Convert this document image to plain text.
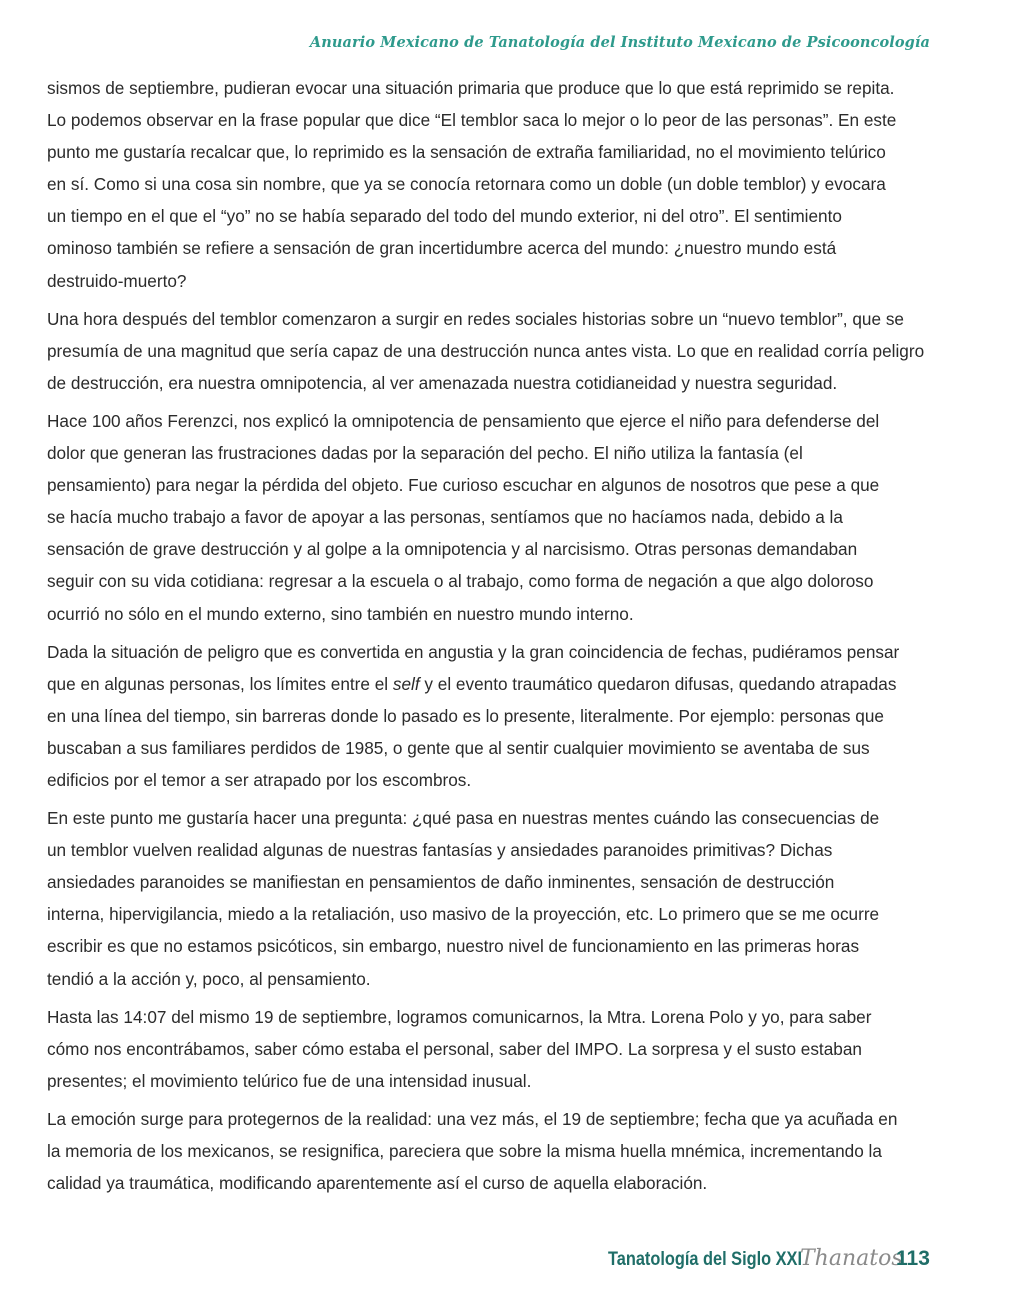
Anuario Mexicano de Tanatología del Instituto Mexicano de Psicooncología

sismos de septiembre, pudieran evocar una situación primaria que produce que lo que está reprimido se repita.
Lo podemos observar en la frase popular que dice “El temblor saca lo mejor o lo peor de las personas”. En este
punto me gustaría recalcar que, lo reprimido es la sensación de extraña familiaridad, no el movimiento telúrico
en sí. Como si una cosa sin nombre, que ya se conocía retornara como un doble (un doble temblor) y evocara
un tiempo en el que el “yo” no se había separado del todo del mundo exterior, ni del otro”. El sentimiento
ominoso también se refiere a sensación de gran incertidumbre acerca del mundo: ¿nuestro mundo está
destruido-muerto?

Una hora después del temblor comenzaron a surgir en redes sociales historias sobre un “nuevo temblor”, que se
presumía de una magnitud que sería capaz de una destrucción nunca antes vista. Lo que en realidad corría peligro
de destrucción, era nuestra omnipotencia, al ver amenazada nuestra cotidianeidad y nuestra seguridad.

Hace 100 años Ferenzci, nos explicó la omnipotencia de pensamiento que ejerce el niño para defenderse del
dolor que generan las frustraciones dadas por la separación del pecho. El niño utiliza la fantasía (el
pensamiento) para negar la pérdida del objeto. Fue curioso escuchar en algunos de nosotros que pese a que
se hacía mucho trabajo a favor de apoyar a las personas, sentíamos que no hacíamos nada, debido a la
sensación de grave destrucción y al golpe a la omnipotencia y al narcisismo. Otras personas demandaban
seguir con su vida cotidiana: regresar a la escuela o al trabajo, como forma de negación a que algo doloroso
ocurrió no sólo en el mundo externo, sino también en nuestro mundo interno.

Dada la situación de peligro que es convertida en angustia y la gran coincidencia de fechas, pudiéramos pensar
que en algunas personas, los límites entre el self y el evento traumático quedaron difusas, quedando atrapadas
en una línea del tiempo, sin barreras donde lo pasado es lo presente, literalmente. Por ejemplo: personas que
buscaban a sus familiares perdidos de 1985, o gente que al sentir cualquier movimiento se aventaba de sus
edificios por el temor a ser atrapado por los escombros.

En este punto me gustaría hacer una pregunta: ¿qué pasa en nuestras mentes cuándo las consecuencias de
un temblor vuelven realidad algunas de nuestras fantasías y ansiedades paranoides primitivas? Dichas
ansiedades paranoides se manifiestan en pensamientos de daño inminentes, sensación de destrucción
interna, hipervigilancia, miedo a la retaliación, uso masivo de la proyección, etc. Lo primero que se me ocurre
escribir es que no estamos psicóticos, sin embargo, nuestro nivel de funcionamiento en las primeras horas
tendió a la acción y, poco, al pensamiento.

Hasta las 14:07 del mismo 19 de septiembre, logramos comunicarnos, la Mtra. Lorena Polo y yo, para saber
cómo nos encontrábamos, saber cómo estaba el personal, saber del IMPO. La sorpresa y el susto estaban
presentes; el movimiento telúrico fue de una intensidad inusual.

La emoción surge para protegernos de la realidad: una vez más, el 19 de septiembre; fecha que ya acuñada en
la memoria de los mexicanos, se resignifica, pareciera que sobre la misma huella mnémica, incrementando la
calidad ya traumática, modificando aparentemente así el curso de aquella elaboración.

Tanatología del Siglo XXI
Thanatos
113
